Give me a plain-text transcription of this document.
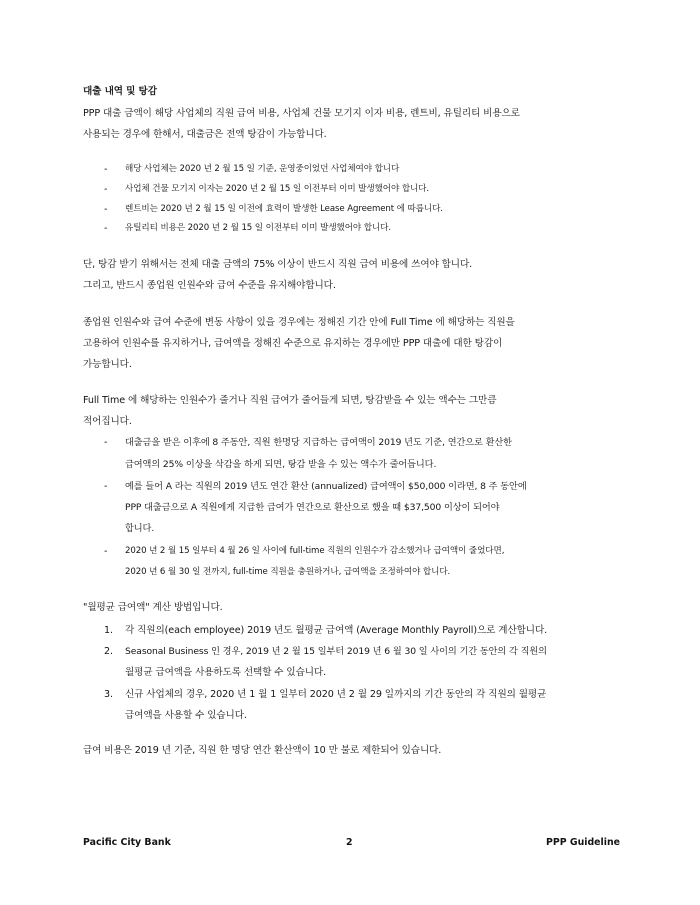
대출 내역 및 탕감
PPP 대출 금액이 해당 사업체의 직원 급여 비용, 사업체 건물 모기지 이자 비용, 렌트비, 유틸리티 비용으로
사용되는 경우에 한해서, 대출금은 전액 탕감이 가능합니다.
- 해당 사업체는 2020 년 2 월 15 일 기준, 운영중이었던 사업체여야 합니다
- 사업체 건물 모기지 이자는 2020 년 2 월 15 일 이전부터 이미 발생했어야 합니다.
- 렌트비는 2020 년 2 월 15 일 이전에 효력이 발생한 Lease Agreement 에 따릅니다.
- 유틸리티 비용은 2020 년 2 월 15 일 이전부터 이미 발생했어야 합니다.
단, 탕감 받기 위해서는 전체 대출 금액의 75% 이상이 반드시 직원 급여 비용에 쓰여야 합니다.
그리고, 반드시 종업원 인원수와 급여 수준을 유지해야합니다.
종업원 인원수와 급여 수준에 변동 사항이 있을 경우에는 정해진 기간 안에 Full Time 에 해당하는 직원을
고용하여 인원수를 유지하거나, 급여액을 정해진 수준으로 유지하는 경우에만 PPP 대출에 대한 탕감이
가능합니다.
Full Time 에 해당하는 인원수가 줄거나 직원 급여가 줄어들게 되면, 탕감받을 수 있는 액수는 그만큼
적어집니다.
- 대출금을 받은 이후에 8 주동안, 직원 한명당 지급하는 급여액이 2019 년도 기준, 연간으로 환산한
급여액의 25% 이상을 삭감을 하게 되면, 탕감 받을 수 있는 액수가 줄어듭니다.
- 예를 들어 A 라는 직원의 2019 년도 연간 환산 (annualized) 급여액이 $50,000 이라면, 8 주 동안에
PPP 대출금으로 A 직원에게 지급한 급여가 연간으로 환산으로 했을 때 $37,500 이상이 되어야
합니다.
- 2020 년 2 월 15 일부터 4 월 26 일 사이에 full-time 직원의 인원수가 감소했거나 급여액이 줄었다면,
2020 년 6 월 30 일 전까지, full-time 직원을 충원하거나, 급여액을 조정하여야 합니다.
"월평균 급여액" 계산 방법입니다.
1. 각 직원의(each employee) 2019 년도 월평균 급여액 (Average Monthly Payroll)으로 계산합니다.
2. Seasonal Business 인 경우, 2019 년 2 월 15 일부터 2019 년 6 월 30 일 사이의 기간 동안의 각 직원의
월평균 급여액을 사용하도록 선택할 수 있습니다.
3. 신규 사업체의 경우, 2020 년 1 월 1 일부터 2020 년 2 월 29 일까지의 기간 동안의 각 직원의 월평균
급여액을 사용할 수 있습니다.
급여 비용은 2019 년 기준, 직원 한 명당 연간 환산액이 10 만 불로 제한되어 있습니다.
Pacific City Bank	2	PPP Guideline
